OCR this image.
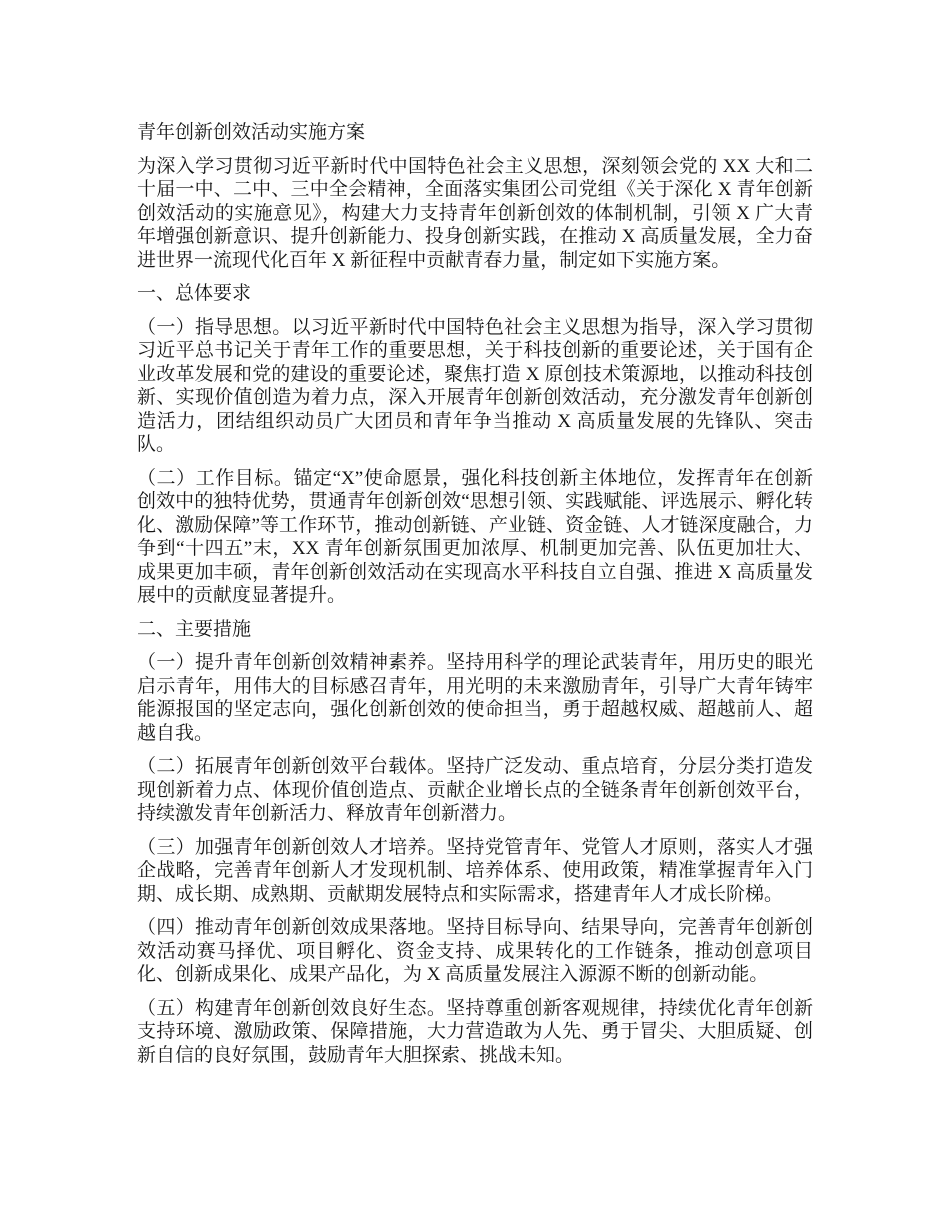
青年创新创效活动实施方案

为深入学习贯彻习近平新时代中国特色社会主义思想，深刻领会党的 XX 大和二十届一中、二中、三中全会精神，全面落实集团公司党组《关于深化 X 青年创新创效活动的实施意见》，构建大力支持青年创新创效的体制机制，引领 X 广大青年增强创新意识、提升创新能力、投身创新实践，在推动 X 高质量发展，全力奋进世界一流现代化百年 X 新征程中贡献青春力量，制定如下实施方案。

一、总体要求

（一）指导思想。以习近平新时代中国特色社会主义思想为指导，深入学习贯彻习近平总书记关于青年工作的重要思想，关于科技创新的重要论述，关于国有企业改革发展和党的建设的重要论述，聚焦打造 X 原创技术策源地，以推动科技创新、实现价值创造为着力点，深入开展青年创新创效活动，充分激发青年创新创造活力，团结组织动员广大团员和青年争当推动 X 高质量发展的先锋队、突击队。

（二）工作目标。锚定“X”使命愿景，强化科技创新主体地位，发挥青年在创新创效中的独特优势，贯通青年创新创效“思想引领、实践赋能、评选展示、孵化转化、激励保障”等工作环节，推动创新链、产业链、资金链、人才链深度融合，力争到“十四五”末，XX 青年创新氛围更加浓厚、机制更加完善、队伍更加壮大、成果更加丰硕，青年创新创效活动在实现高水平科技自立自强、推进 X 高质量发展中的贡献度显著提升。

二、主要措施

（一）提升青年创新创效精神素养。坚持用科学的理论武装青年，用历史的眼光启示青年，用伟大的目标感召青年，用光明的未来激励青年，引导广大青年铸牢能源报国的坚定志向，强化创新创效的使命担当，勇于超越权威、超越前人、超越自我。

（二）拓展青年创新创效平台载体。坚持广泛发动、重点培育，分层分类打造发现创新着力点、体现价值创造点、贡献企业增长点的全链条青年创新创效平台，持续激发青年创新活力、释放青年创新潜力。

（三）加强青年创新创效人才培养。坚持党管青年、党管人才原则，落实人才强企战略，完善青年创新人才发现机制、培养体系、使用政策，精准掌握青年入门期、成长期、成熟期、贡献期发展特点和实际需求，搭建青年人才成长阶梯。

（四）推动青年创新创效成果落地。坚持目标导向、结果导向，完善青年创新创效活动赛马择优、项目孵化、资金支持、成果转化的工作链条，推动创意项目化、创新成果化、成果产品化，为 X 高质量发展注入源源不断的创新动能。

（五）构建青年创新创效良好生态。坚持尊重创新客观规律，持续优化青年创新支持环境、激励政策、保障措施，大力营造敢为人先、勇于冒尖、大胆质疑、创新自信的良好氛围，鼓励青年大胆探索、挑战未知。
